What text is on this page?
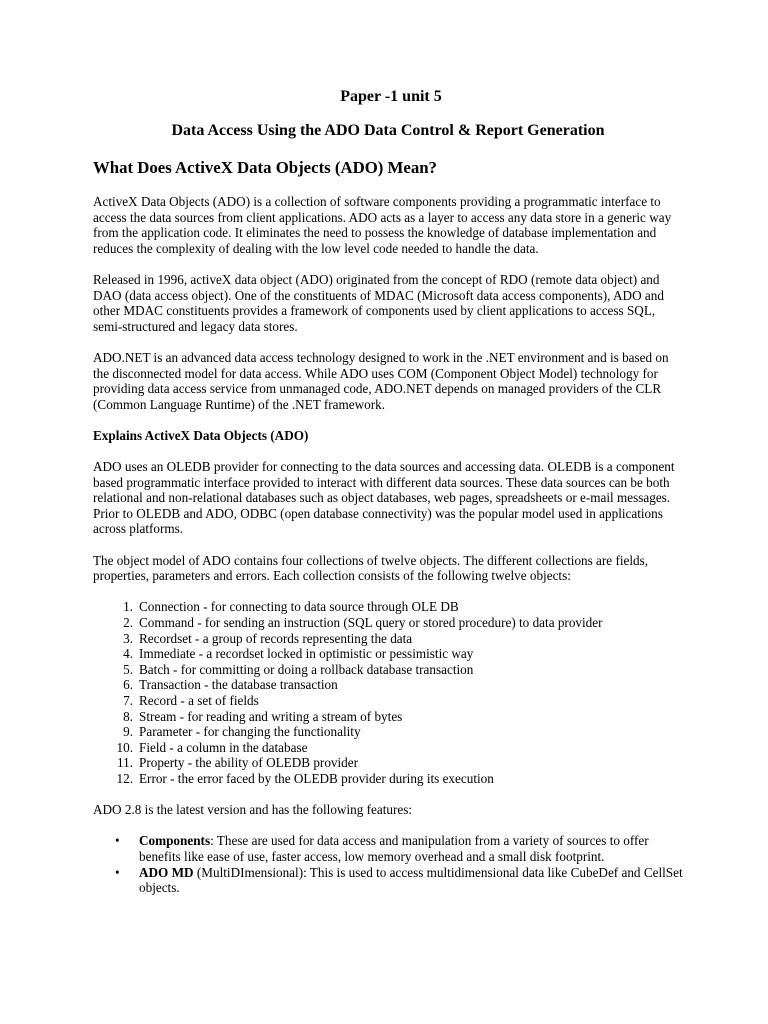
Paper -1 unit 5
Data Access Using the ADO Data Control & Report Generation
What Does ActiveX Data Objects (ADO) Mean?

ActiveX Data Objects (ADO) is a collection of software components providing a programmatic interface to access the data sources from client applications. ADO acts as a layer to access any data store in a generic way from the application code. It eliminates the need to possess the knowledge of database implementation and reduces the complexity of dealing with the low level code needed to handle the data.

Released in 1996, activeX data object (ADO) originated from the concept of RDO (remote data object) and DAO (data access object). One of the constituents of MDAC (Microsoft data access components), ADO and other MDAC constituents provides a framework of components used by client applications to access SQL, semi-structured and legacy data stores.

ADO.NET is an advanced data access technology designed to work in the .NET environment and is based on the disconnected model for data access. While ADO uses COM (Component Object Model) technology for providing data access service from unmanaged code, ADO.NET depends on managed providers of the CLR (Common Language Runtime) of the .NET framework.

Explains ActiveX Data Objects (ADO)

ADO uses an OLEDB provider for connecting to the data sources and accessing data. OLEDB is a component based programmatic interface provided to interact with different data sources. These data sources can be both relational and non-relational databases such as object databases, web pages, spreadsheets or e-mail messages. Prior to OLEDB and ADO, ODBC (open database connectivity) was the popular model used in applications across platforms.

The object model of ADO contains four collections of twelve objects. The different collections are fields, properties, parameters and errors. Each collection consists of the following twelve objects:

1. Connection - for connecting to data source through OLE DB
2. Command - for sending an instruction (SQL query or stored procedure) to data provider
3. Recordset - a group of records representing the data
4. Immediate - a recordset locked in optimistic or pessimistic way
5. Batch - for committing or doing a rollback database transaction
6. Transaction - the database transaction
7. Record - a set of fields
8. Stream - for reading and writing a stream of bytes
9. Parameter - for changing the functionality
10. Field - a column in the database
11. Property - the ability of OLEDB provider
12. Error - the error faced by the OLEDB provider during its execution

ADO 2.8 is the latest version and has the following features:

• Components: These are used for data access and manipulation from a variety of sources to offer benefits like ease of use, faster access, low memory overhead and a small disk footprint.
• ADO MD (MultiDImensional): This is used to access multidimensional data like CubeDef and CellSet objects.
